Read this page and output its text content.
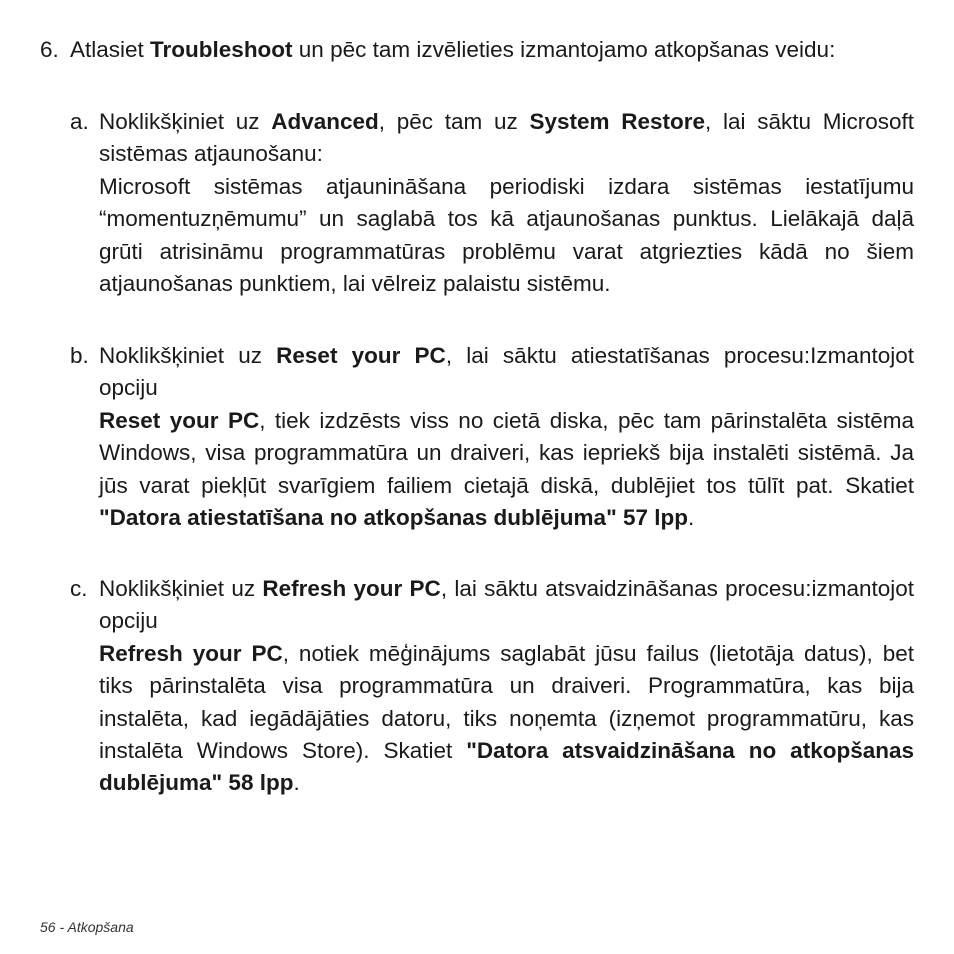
6. Atlasiet Troubleshoot un pēc tam izvēlieties izmantojamo atkopšanas veidu:
a. Noklikšķiniet uz Advanced, pēc tam uz System Restore, lai sāktu Microsoft sistēmas atjaunošanu:

Microsoft sistēmas atjaunināšana periodiski izdara sistēmas iestatījumu “momentuzņēmumu” un saglabā tos kā atjaunošanas punktus. Lielākajā daļā grūti atrisināmu programmatūras problēmu varat atgriezties kādā no šiem atjaunošanas punktiem, lai vēlreiz palaistu sistēmu.

b. Noklikšķiniet uz Reset your PC, lai sāktu atiestatīšanas procesu:Izmantojot opciju

Reset your PC, tiek izdzēsts viss no cietā diska, pēc tam pārinstalēta sistēma Windows, visa programmatūra un draiveri, kas iepriekš bija instalēti sistēmā. Ja jūs varat piekļūt svarīgiem failiem cietajā diskā, dublējiet tos tūlīt pat. Skatiet "Datora atiestatīšana no atkopšanas dublējuma" 57 lpp.

c. Noklikšķiniet uz Refresh your PC, lai sāktu atsvaidzināšanas procesu:izmantojot opciju

Refresh your PC, notiek mēģinājums saglabāt jūsu failus (lietotāja datus), bet tiks pārinstalēta visa programmatūra un draiveri. Programmatūra, kas bija instalēta, kad iegādājāties datoru, tiks noņemta (izņemot programmatūru, kas instalēta Windows Store). Skatiet "Datora atsvaidzināšana no atkopšanas dublējuma" 58 lpp.

56 - Atkopšana
